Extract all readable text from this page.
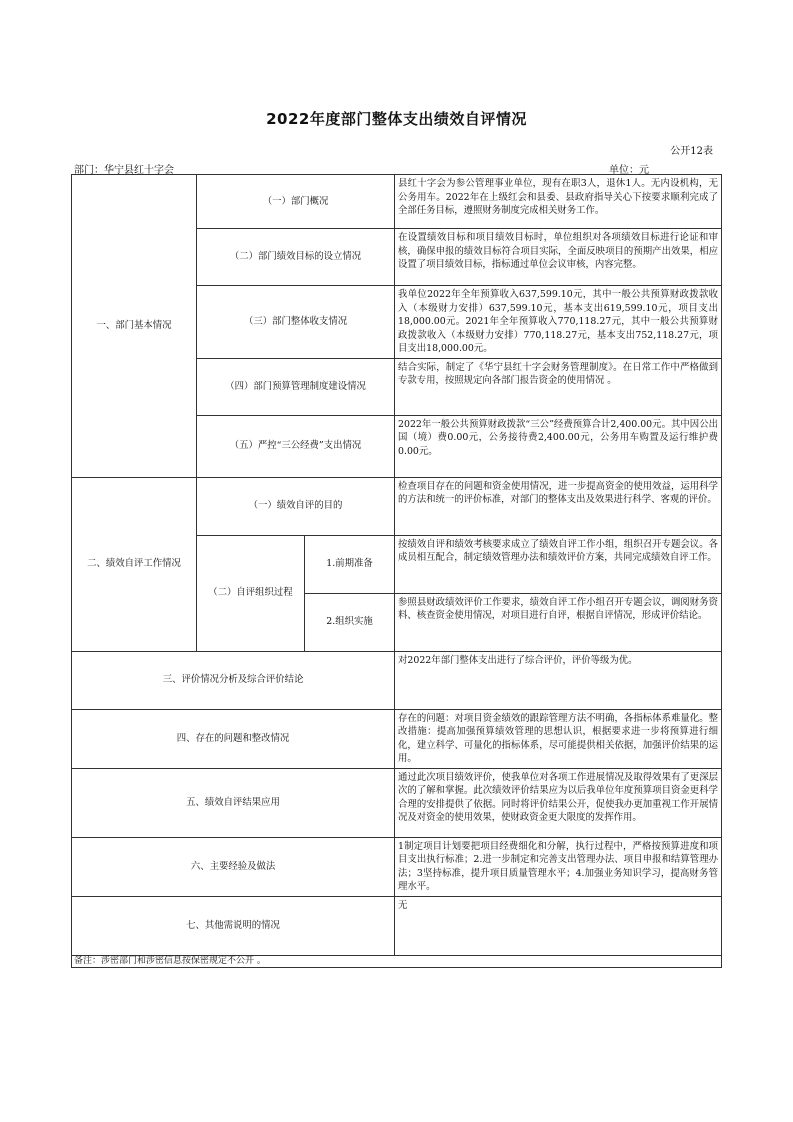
2022年度部门整体支出绩效自评情况
公开12表
部门：华宁县红十字会	单位：元
一、部门基本情况	（一）部门概况		县红十字会为参公管理事业单位，现有在职3人，退休1人。无内设机构，无公务用车。2022年在上级红会和县委、县政府指导关心下按要求顺利完成了全部任务目标，遵照财务制度完成相关财务工作。
	（二）部门绩效目标的设立情况		在设置绩效目标和项目绩效目标时，单位组织对各项绩效目标进行论证和审核，确保申报的绩效目标符合项目实际，全面反映项目的预期产出效果，相应设置了项目绩效目标，指标通过单位会议审核，内容完整。
	（三）部门整体收支情况		我单位2022年全年预算收入637,599.10元，其中一般公共预算财政拨款收入（本级财力安排）637,599.10元，基本支出619,599.10元，项目支出18,000.00元。2021年全年预算收入770,118.27元，其中一般公共预算财政拨款收入（本级财力安排）770,118.27元，基本支出752,118.27元，项目支出18,000.00元。
	（四）部门预算管理制度建设情况		结合实际，制定了《华宁县红十字会财务管理制度》。在日常工作中严格做到专款专用，按照规定向各部门报告资金的使用情况 。
	（五）严控“三公经费”支出情况		2022年一般公共预算财政拨款“三公”经费预算合计2,400.00元。其中因公出国（境）费0.00元，公务接待费2,400.00元，公务用车购置及运行维护费0.00元。
二、绩效自评工作情况	（一）绩效自评的目的		检查项目存在的问题和资金使用情况，进一步提高资金的使用效益，运用科学的方法和统一的评价标准，对部门的整体支出及效果进行科学、客观的评价。
	（二）自评组织过程	1.前期准备	按绩效自评和绩效考核要求成立了绩效自评工作小组，组织召开专题会议。各成员相互配合，制定绩效管理办法和绩效评价方案，共同完成绩效自评工作。
		2.组织实施	参照县财政绩效评价工作要求，绩效自评工作小组召开专题会议，调阅财务资料、核查资金使用情况，对项目进行自评，根据自评情况，形成评价结论。
三、评价情况分析及综合评价结论			对2022年部门整体支出进行了综合评价，评价等级为优。
四、存在的问题和整改情况			存在的问题：对项目资金绩效的跟踪管理方法不明确，各指标体系难量化。整改措施：提高加强预算绩效管理的思想认识，根据要求进一步将预算进行细化，建立科学、可量化的指标体系，尽可能提供相关依据，加强评价结果的运用。
五、绩效自评结果应用			通过此次项目绩效评价，使我单位对各项工作进展情况及取得效果有了更深层次的了解和掌握。此次绩效评价结果应为以后我单位年度预算项目资金更科学合理的安排提供了依据。同时将评价结果公开，促使我办更加重视工作开展情况及对资金的使用效果，使财政资金更大限度的发挥作用。
六、主要经验及做法			1制定项目计划要把项目经费细化和分解，执行过程中，严格按预算进度和项目支出执行标准；2.进一步制定和完善支出管理办法、项目申报和结算管理办法；3坚持标准，提升项目质量管理水平；4.加强业务知识学习，提高财务管理水平。
七、其他需说明的情况			无
备注：涉密部门和涉密信息按保密规定不公开 。			
